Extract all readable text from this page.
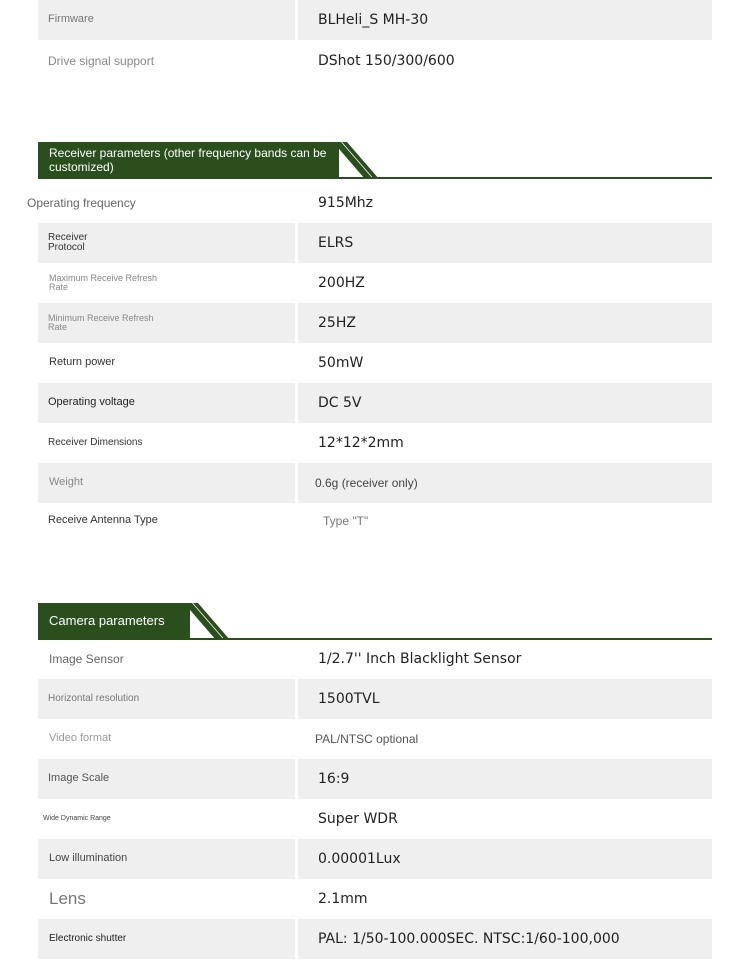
Firmware	BLHeli_S MH-30
Drive signal support	DShot 150/300/600
Receiver parameters (other frequency bands can be customized)
Operating frequency	915Mhz
Receiver Protocol	ELRS
Maximum Receive Refresh Rate	200HZ
Minimum Receive Refresh Rate	25HZ
Return power	50mW
Operating voltage	DC 5V
Receiver Dimensions	12*12*2mm
Weight	0.6g (receiver only)
Receive Antenna Type	Type "T"
Camera parameters
Image Sensor	1/2.7'' Inch Blacklight Sensor
Horizontal resolution	1500TVL
Video format	PAL/NTSC optional
Image Scale	16:9
Wide Dynamic Range	Super WDR
Low illumination	0.00001Lux
Lens	2.1mm
Electronic shutter	PAL: 1/50-100.000SEC. NTSC:1/60-100,000
